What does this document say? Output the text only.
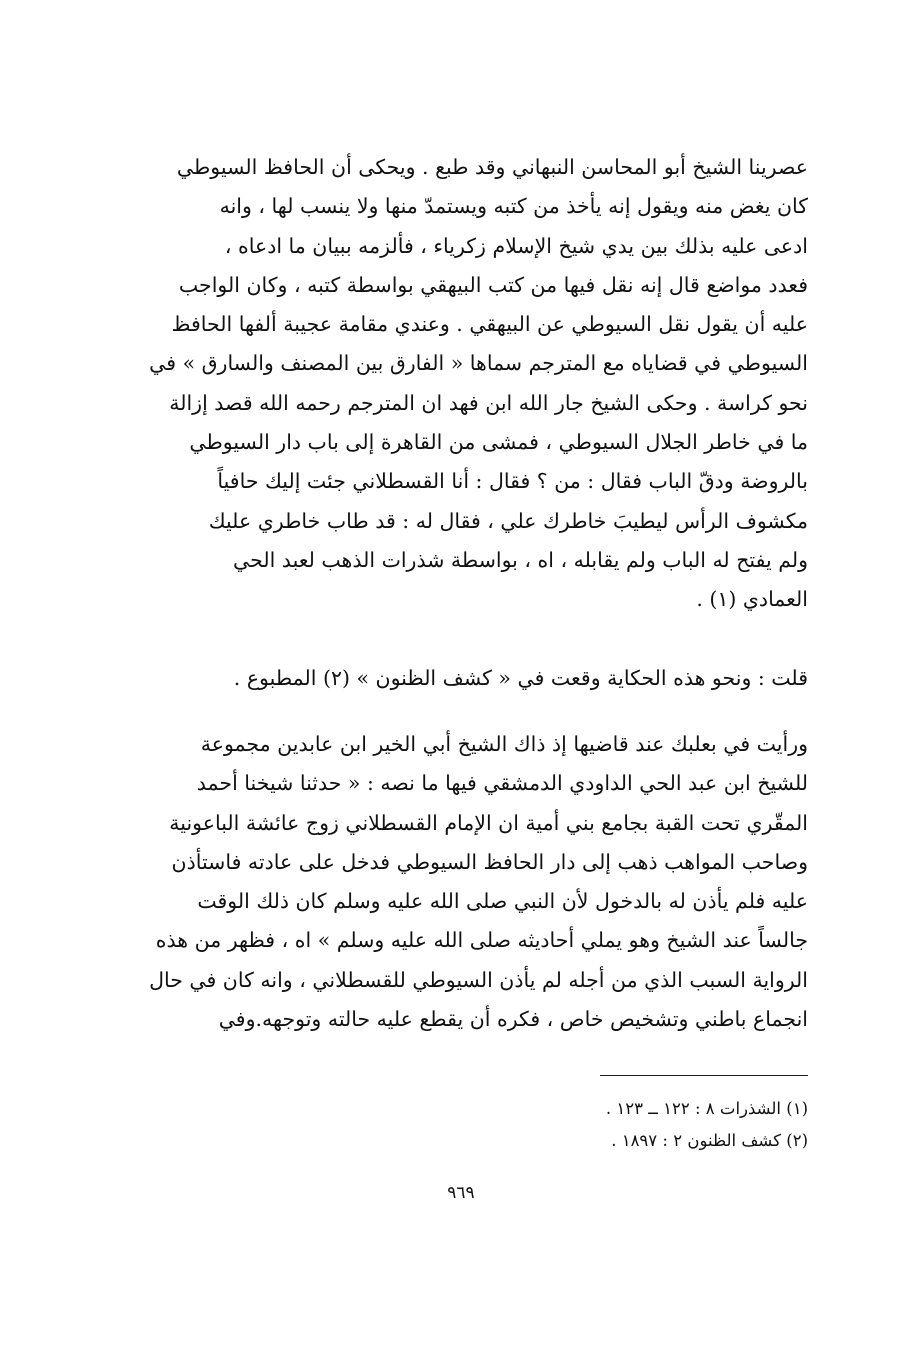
عصرينا الشيخ أبو المحاسن النبهاني وقد طبع . ويحكى أن الحافظ السيوطي
كان يغض منه ويقول إنه يأخذ من كتبه ويستمدّ منها ولا ينسب لها ، وانه
ادعى عليه بذلك بين يدي شيخ الإسلام زكرياء ، فألزمه ببيان ما ادعاه ،
فعدد مواضع قال إنه نقل فيها من كتب البيهقي بواسطة كتبه ، وكان الواجب
عليه أن يقول نقل السيوطي عن البيهقي . وعندي مقامة عجيبة ألفها الحافظ
السيوطي في قضاياه مع المترجم سماها « الفارق بين المصنف والسارق » في
نحو كراسة . وحكى الشيخ جار الله ابن فهد ان المترجم رحمه الله قصد إزالة
ما في خاطر الجلال السيوطي ، فمشى من القاهرة إلى باب دار السيوطي
بالروضة ودقّ الباب فقال : من ؟ فقال : أنا القسطلاني جئت إليك حافياً
مكشوف الرأس ليطيبَ خاطرك علي ، فقال له : قد طاب خاطري عليك
ولم يفتح له الباب ولم يقابله ، اه ، بواسطة شذرات الذهب لعبد الحي
العمادي (١) .
قلت : ونحو هذه الحكاية وقعت في « كشف الظنون » (٢) المطبوع .
ورأيت في بعلبك عند قاضيها إذ ذاك الشيخ أبي الخير ابن عابدين مجموعة
للشيخ ابن عبد الحي الداودي الدمشقي فيها ما نصه : « حدثنا شيخنا أحمد
المقّري تحت القبة بجامع بني أمية ان الإمام القسطلاني زوج عائشة الباعونية
وصاحب المواهب ذهب إلى دار الحافظ السيوطي فدخل على عادته فاستأذن
عليه فلم يأذن له بالدخول لأن النبي صلى الله عليه وسلم كان ذلك الوقت
جالساً عند الشيخ وهو يملي أحاديثه صلى الله عليه وسلم » اه ، فظهر من هذه
الرواية السبب الذي من أجله لم يأذن السيوطي للقسطلاني ، وانه كان في حال
انجماع باطني وتشخيص خاص ، فكره أن يقطع عليه حالته وتوجهه.وفي
(١) الشذرات ٨ : ١٢٢ ــ ١٢٣ .
(٢) كشف الظنون ٢ : ١٨٩٧ .
٩٦٩
